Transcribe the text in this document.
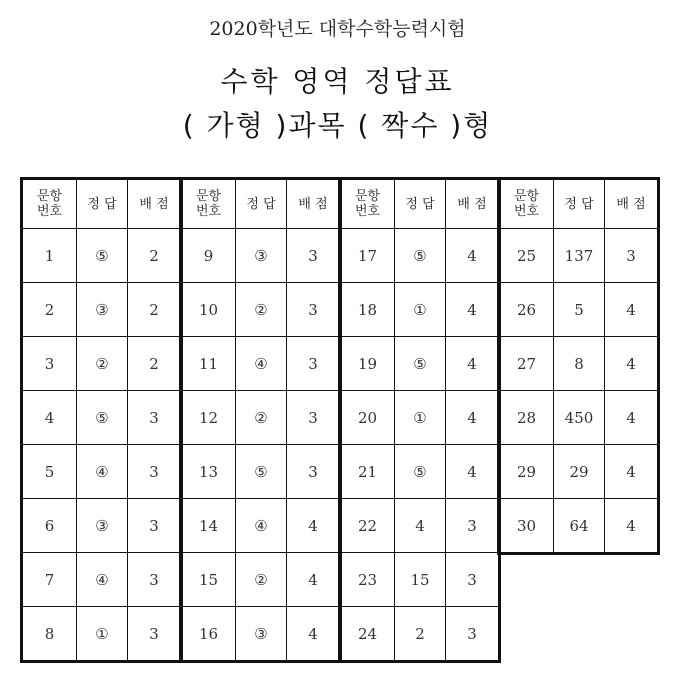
2020학년도 대학수학능력시험
수학 영역 정답표
( 가형 )과목 ( 짝수 )형
문항
번호	정 답	배 점
1	⑤	2
2	③	2
3	②	2
4	⑤	3
5	④	3
6	③	3
7	④	3
8	①	3
문항
번호	정 답	배 점
9	③	3
10	②	3
11	④	3
12	②	3
13	⑤	3
14	④	4
15	②	4
16	③	4
문항
번호	정 답	배 점
17	⑤	4
18	①	4
19	⑤	4
20	①	4
21	⑤	4
22	4	3
23	15	3
24	2	3
문항
번호	정 답	배 점
25	137	3
26	5	4
27	8	4
28	450	4
29	29	4
30	64	4
